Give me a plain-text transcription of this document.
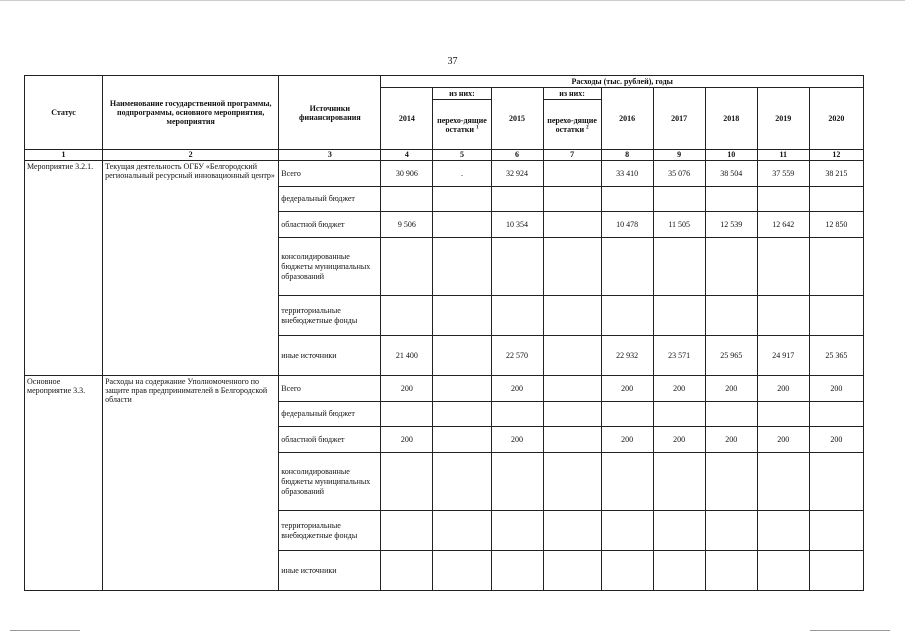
37
Статус	Наименование государственной программы, подпрограммы, основного мероприятия, мероприятия	Источники финансирования	Расходы (тыс. рублей), годы								
			2014	из них:	2015	из них:	2016	2017	2018	2019	2020
				перехо-дящие остатки $^1$		перехо-дящие остатки $^2$
1	2	3	4	5	6	7	8	9	10	11	12
Мероприятие 3.2.1.	Текущая деятельность ОГБУ «Белгородский региональный ресурсный инновационный центр»	Всего	30 906	.	32 924		33 410	35 076	38 504	37 559	38 215
		федеральный бюджет									
		областной бюджет	9 506		10 354		10 478	11 505	12 539	12 642	12 850
		консолидированные бюджеты муниципальных образований									
		территориальные внебюджетные фонды									
		иные источники	21 400		22 570		22 932	23 571	25 965	24 917	25 365
Основное мероприятие 3.3.	Расходы на содержание Уполномоченного по защите прав предпринимателей в Белгородской области	Всего	200		200		200	200	200	200	200
		федеральный бюджет									
		областной бюджет	200		200		200	200	200	200	200
		консолидированные бюджеты муниципальных образований									
		территориальные внебюджетные фонды									
		иные источники									
